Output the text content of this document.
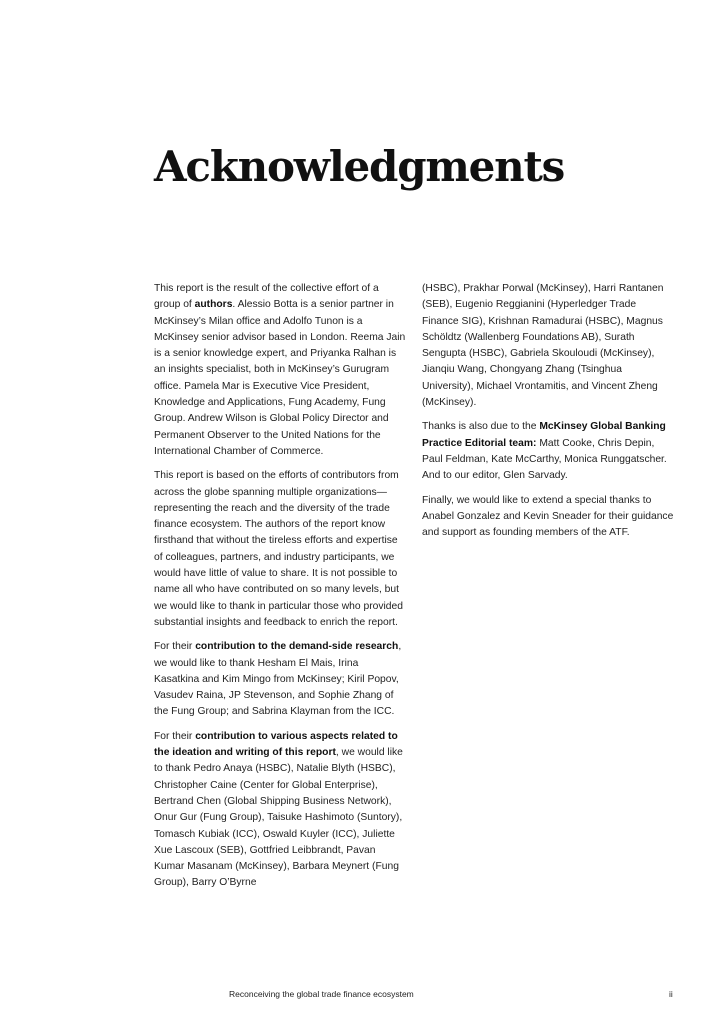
Acknowledgments

This report is the result of the collective effort of a group of authors. Alessio Botta is a senior partner in McKinsey’s Milan office and Adolfo Tunon is a McKinsey senior advisor based in London. Reema Jain is a senior knowledge expert, and Priyanka Ralhan is an insights specialist, both in McKinsey’s Gurugram office. Pamela Mar is Executive Vice President, Knowledge and Applications, Fung Academy, Fung Group. Andrew Wilson is Global Policy Director and Permanent Observer to the United Nations for the International Chamber of Commerce.

This report is based on the efforts of contributors from across the globe spanning multiple organizations—representing the reach and the diversity of the trade finance ecosystem. The authors of the report know firsthand that without the tireless efforts and expertise of colleagues, partners, and industry participants, we would have little of value to share. It is not possible to name all who have contributed on so many levels, but we would like to thank in particular those who provided substantial insights and feedback to enrich the report.

For their contribution to the demand-side research, we would like to thank Hesham El Mais, Irina Kasatkina and Kim Mingo from McKinsey; Kiril Popov, Vasudev Raina, JP Stevenson, and Sophie Zhang of the Fung Group; and Sabrina Klayman from the ICC.

For their contribution to various aspects related to the ideation and writing of this report, we would like to thank Pedro Anaya (HSBC), Natalie Blyth (HSBC), Christopher Caine (Center for Global Enterprise), Bertrand Chen (Global Shipping Business Network), Onur Gur (Fung Group), Taisuke Hashimoto (Suntory), Tomasch Kubiak (ICC), Oswald Kuyler (ICC), Juliette Xue Lascoux (SEB), Gottfried Leibbrandt, Pavan Kumar Masanam (McKinsey), Barbara Meynert (Fung Group), Barry O’Byrne

(HSBC), Prakhar Porwal (McKinsey), Harri Rantanen (SEB), Eugenio Reggianini (Hyperledger Trade Finance SIG), Krishnan Ramadurai (HSBC), Magnus Schöldtz (Wallenberg Foundations AB), Surath Sengupta (HSBC), Gabriela Skouloudi (McKinsey), Jianqiu Wang, Chongyang Zhang (Tsinghua University), Michael Vrontamitis, and Vincent Zheng (McKinsey).

Thanks is also due to the McKinsey Global Banking Practice Editorial team: Matt Cooke, Chris Depin, Paul Feldman, Kate McCarthy, Monica Runggatscher. And to our editor, Glen Sarvady.

Finally, we would like to extend a special thanks to Anabel Gonzalez and Kevin Sneader for their guidance and support as founding members of the ATF.

Reconceiving the global trade finance ecosystem	ii
